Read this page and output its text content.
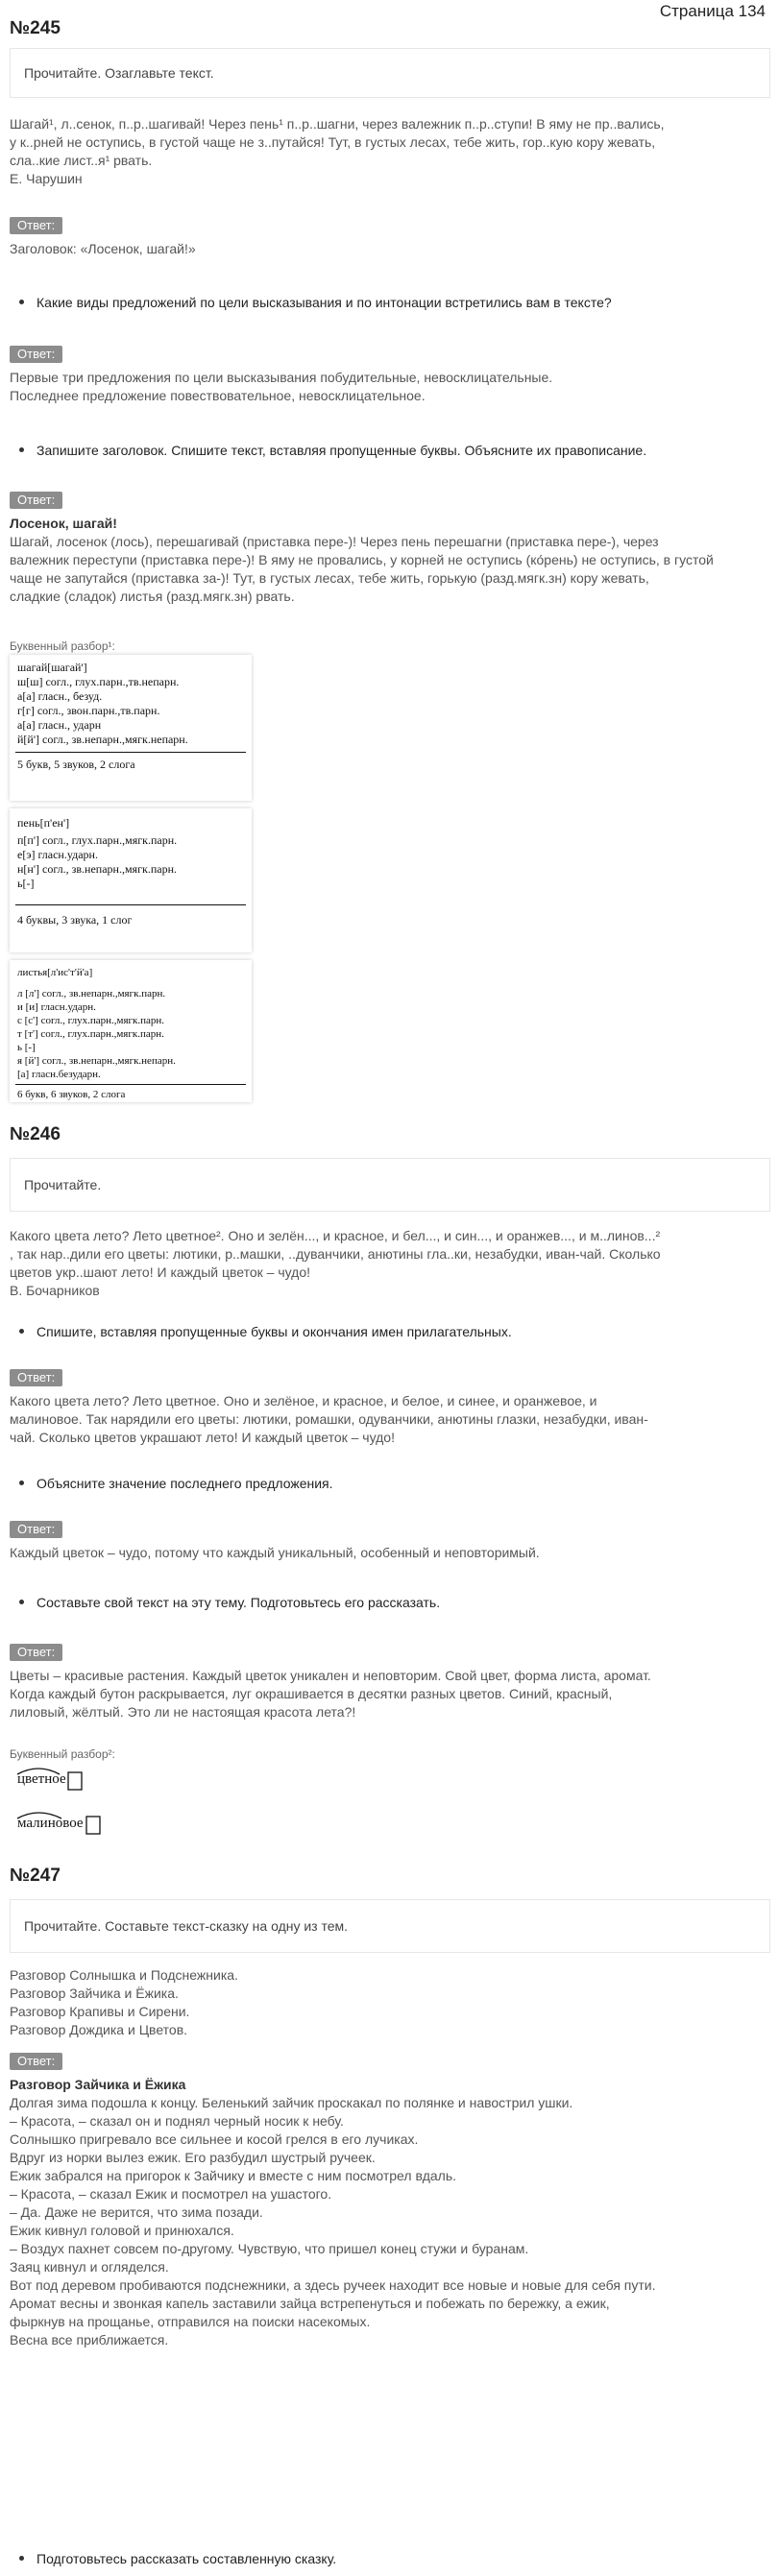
Страница 134
№245
Прочитайте. Озаглавьте текст.
Шагай¹, л..сенок, п..р..шагивай! Через пень¹ п..р..шагни, через валежник п..р..ступи! В яму не пр..вались,
у к..рней не оступись, в густой чаще не з..путайся! Тут, в густых лесах, тебе жить, гор..кую кору жевать,
сла..кие лист..я¹ рвать.
Е. Чарушин
Ответ:
Заголовок: «Лосенок, шагай!»
Какие виды предложений по цели высказывания и по интонации встретились вам в тексте?
Ответ:
Первые три предложения по цели высказывания побудительные, невосклицательные.
Последнее предложение повествовательное, невосклицательное.
Запишите заголовок. Спишите текст, вставляя пропущенные буквы. Объясните их правописание.
Ответ:
Лосенок, шагай!
Шагай, лосенок (лось), перешагивай (приставка пере-)! Через пень перешагни (приставка пере-), через
валежник переступи (приставка пере-)! В яму не провались, у корней не оступись (ко́рень) не оступись, в густой
чаще не запутайся (приставка за-)! Тут, в густых лесах, тебе жить, горькую (разд.мягк.зн) кору жевать,
сладкие (сладок) листья (разд.мягк.зн) рвать.
Буквенный разбор¹:
шагай[шагай']
ш[ш] согл., глух.парн.,тв.непарн.
а[а] гласн., безуд.
г[г] согл., звон.парн.,тв.парн.
а[а] гласн., ударн
й[й'] согл., зв.непарн.,мягк.непарн.
5 букв, 5 звуков, 2 слога
пень[п'ен']
п[п'] согл., глух.парн.,мягк.парн.
е[э] гласн.ударн.
н[н'] согл., зв.непарн.,мягк.парн.
ь[-]
4 буквы, 3 звука, 1 слог
листья[л'ис'т'й'а]
л [л'] согл., зв.непарн.,мягк.парн.
и [и] гласн.ударн.
с [с'] согл., глух.парн.,мягк.парн.
т [т'] согл., глух.парн.,мягк.парн.
ь [-]
я [й'] согл., зв.непарн.,мягк.непарн.
[а] гласн.безударн.
6 букв, 6 звуков, 2 слога
№246
Прочитайте.
Какого цвета лето? Лето цветное². Оно и зелён..., и красное, и бел..., и син..., и оранжев..., и м..линов...²
, так нар..дили его цветы: лютики, р..машки, ..дуванчики, анютины гла..ки, незабудки, иван-чай. Сколько
цветов укр..шают лето! И каждый цветок – чудо!
В. Бочарников
Спишите, вставляя пропущенные буквы и окончания имен прилагательных.
Ответ:
Какого цвета лето? Лето цветное. Оно и зелёное, и красное, и белое, и синее, и оранжевое, и
малиновое. Так нарядили его цветы: лютики, ромашки, одуванчики, анютины глазки, незабудки, иван-
чай. Сколько цветов украшают лето! И каждый цветок – чудо!
Объясните значение последнего предложения.
Ответ:
Каждый цветок – чудо, потому что каждый уникальный, особенный и неповторимый.
Составьте свой текст на эту тему. Подготовьтесь его рассказать.
Ответ:
Цветы – красивые растения. Каждый цветок уникален и неповторим. Свой цвет, форма листа, аромат.
Когда каждый бутон раскрывается, луг окрашивается в десятки разных цветов. Синий, красный,
лиловый, жёлтый. Это ли не настоящая красота лета?!
Буквенный разбор²:
цветное
малиновое
№247
Прочитайте. Составьте текст-сказку на одну из тем.
Разговор Солнышка и Подснежника.
Разговор Зайчика и Ёжика.
Разговор Крапивы и Сирени.
Разговор Дождика и Цветов.
Ответ:
Разговор Зайчика и Ёжика
Долгая зима подошла к концу. Беленький зайчик проскакал по полянке и навострил ушки.
– Красота, – сказал он и поднял черный носик к небу.
Солнышко пригревало все сильнее и косой грелся в его лучиках.
Вдруг из норки вылез ежик. Его разбудил шустрый ручеек.
Ежик забрался на пригорок к Зайчику и вместе с ним посмотрел вдаль.
– Красота, – сказал Ежик и посмотрел на ушастого.
– Да. Даже не верится, что зима позади.
Ежик кивнул головой и принюхался.
– Воздух пахнет совсем по-другому. Чувствую, что пришел конец стужи и буранам.
Заяц кивнул и огляделся.
Вот под деревом пробиваются подснежники, а здесь ручеек находит все новые и новые для себя пути.
Аромат весны и звонкая капель заставили зайца встрепенуться и побежать по бережку, а ежик,
фыркнув на прощанье, отправился на поиски насекомых.
Весна все приближается.
Подготовьтесь рассказать составленную сказку.
